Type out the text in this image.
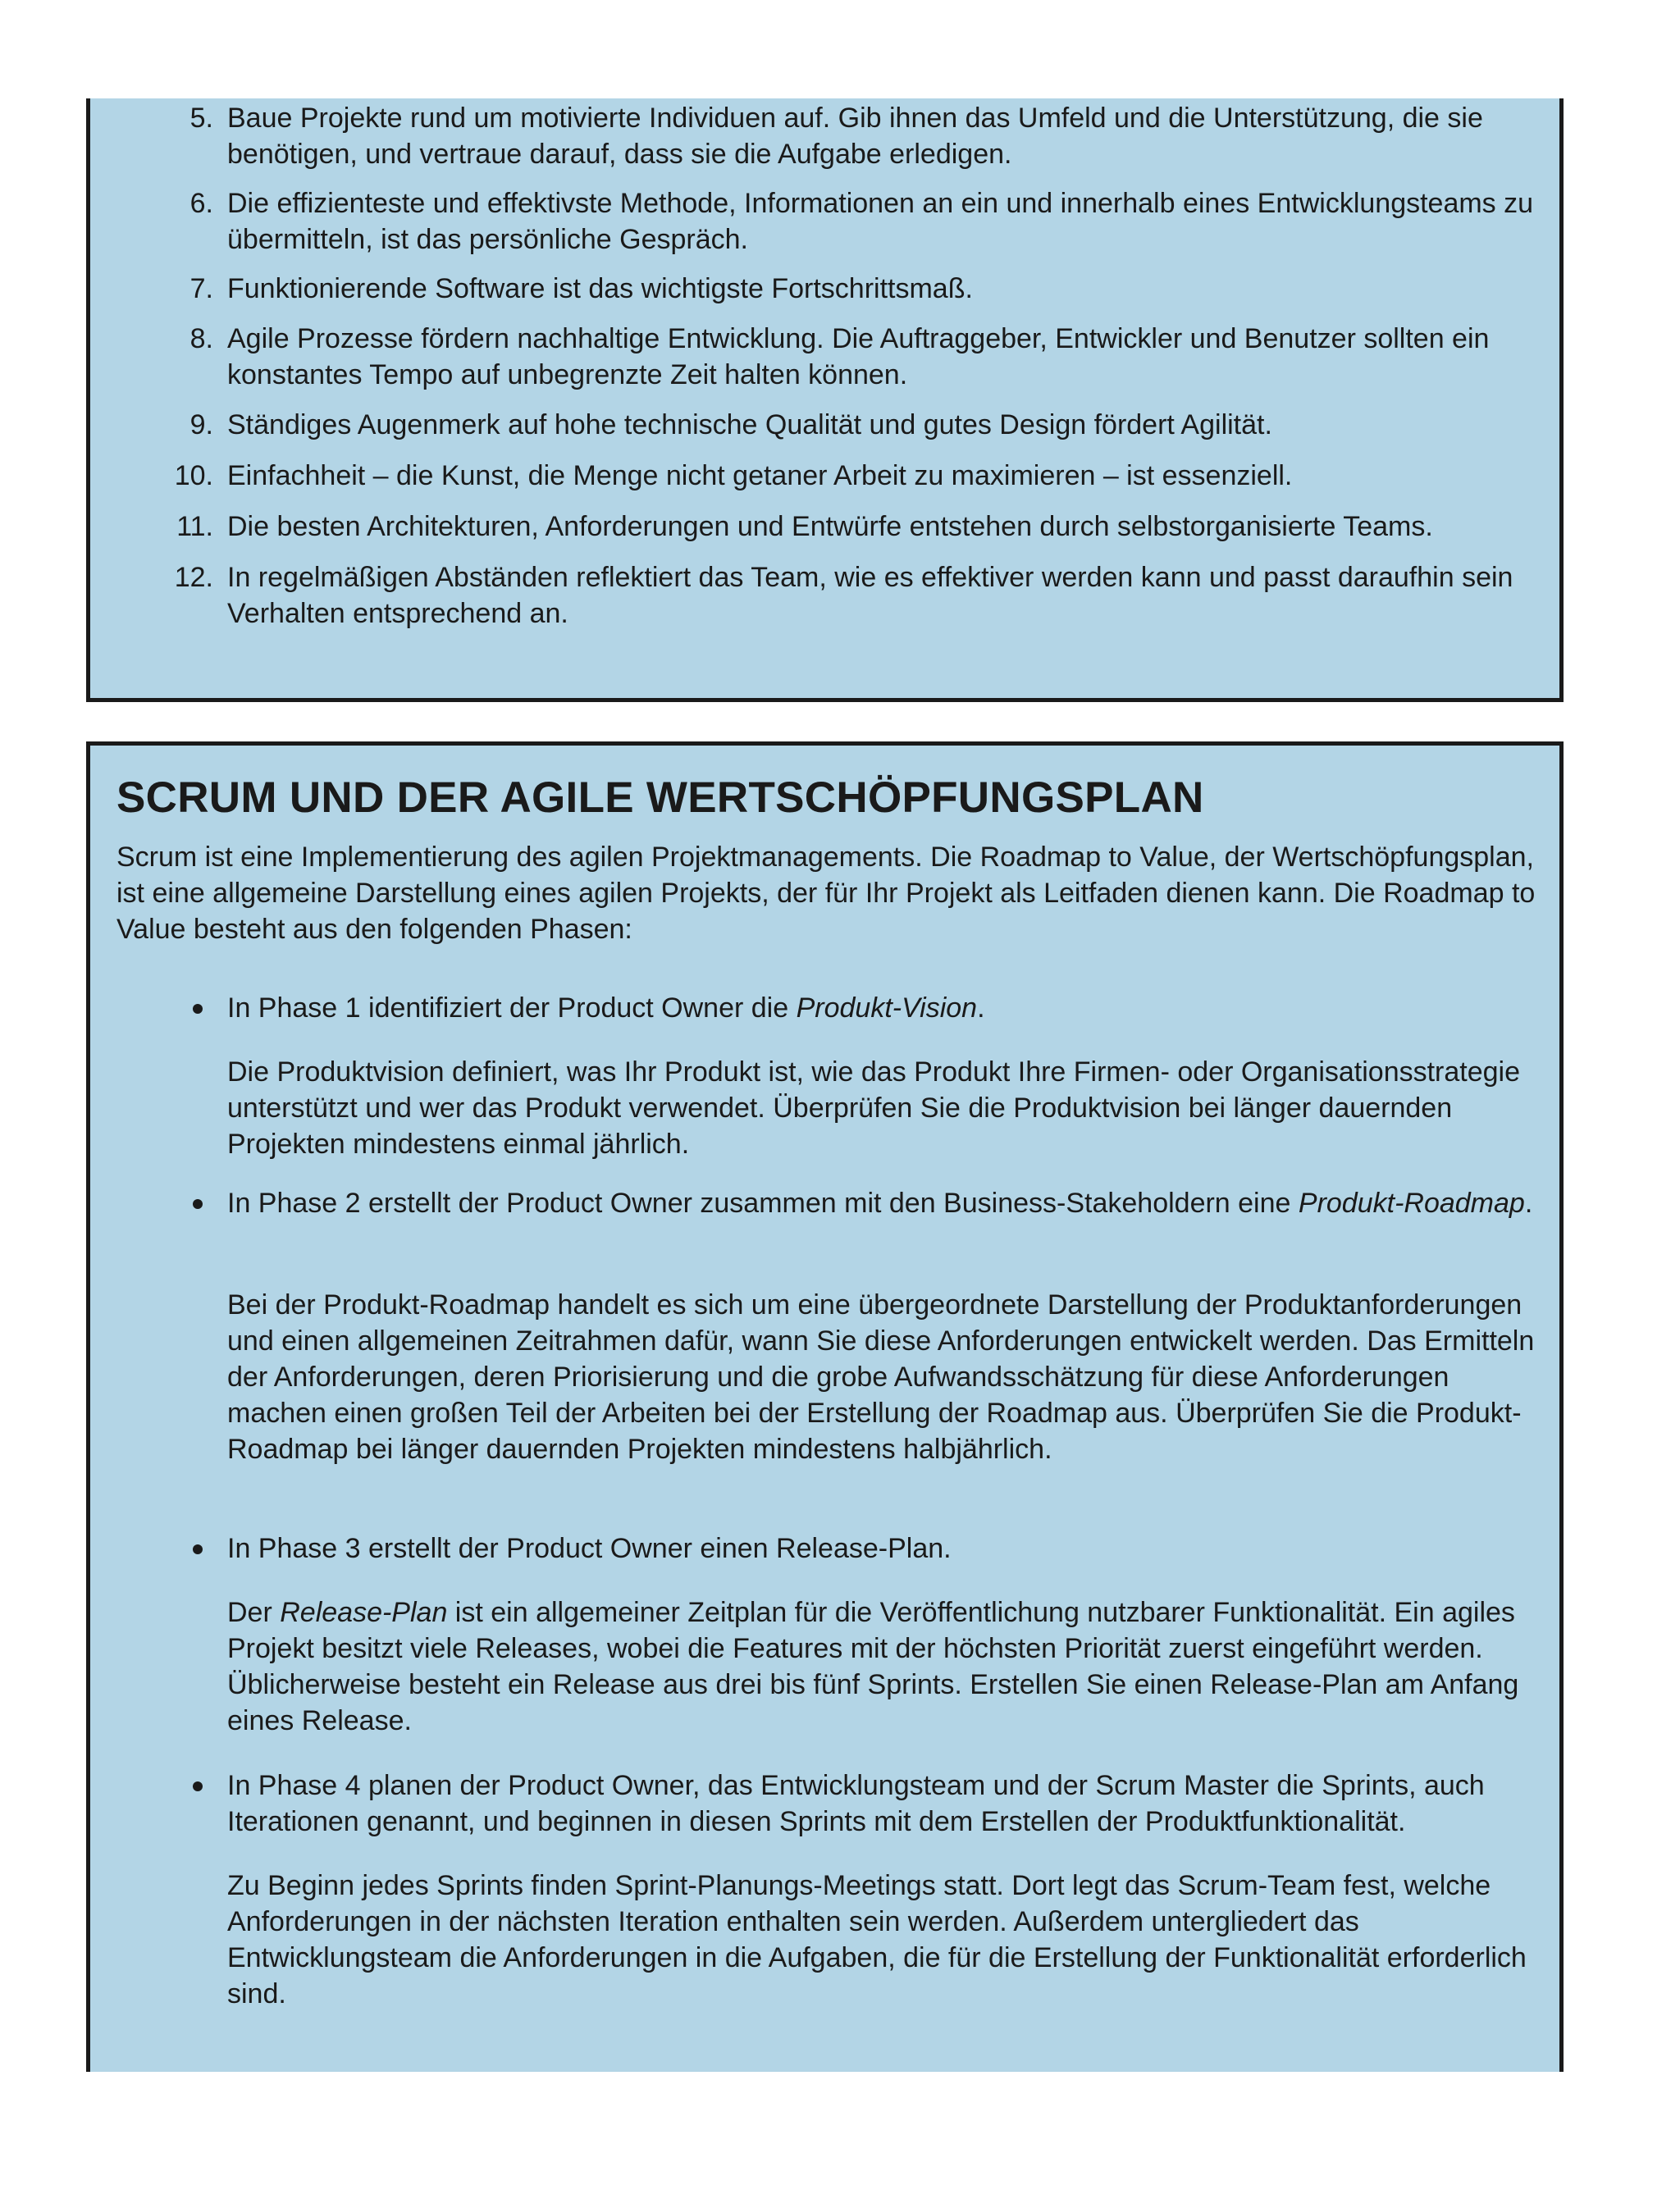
5. Baue Projekte rund um motivierte Individuen auf. Gib ihnen das Umfeld und die Unterstützung, die sie benötigen, und vertraue darauf, dass sie die Aufgabe erledigen.
6. Die effizienteste und effektivste Methode, Informationen an ein und innerhalb eines Entwicklungsteams zu übermitteln, ist das persönliche Gespräch.
7. Funktionierende Software ist das wichtigste Fortschrittsmaß.
8. Agile Prozesse fördern nachhaltige Entwicklung. Die Auftraggeber, Entwickler und Benutzer sollten ein konstantes Tempo auf unbegrenzte Zeit halten können.
9. Ständiges Augenmerk auf hohe technische Qualität und gutes Design fördert Agilität.
10. Einfachheit – die Kunst, die Menge nicht getaner Arbeit zu maximieren – ist essenziell.
11. Die besten Architekturen, Anforderungen und Entwürfe entstehen durch selbstorganisierte Teams.
12. In regelmäßigen Abständen reflektiert das Team, wie es effektiver werden kann und passt daraufhin sein Verhalten entsprechend an.
SCRUM UND DER AGILE WERTSCHÖPFUNGSPLAN

Scrum ist eine Implementierung des agilen Projektmanagements. Die Roadmap to Value, der Wertschöpfungsplan, ist eine allgemeine Darstellung eines agilen Projekts, der für Ihr Projekt als Leitfaden dienen kann. Die Roadmap to Value besteht aus den folgenden Phasen:

In Phase 1 identifiziert der Product Owner die Produkt-Vision.

Die Produktvision definiert, was Ihr Produkt ist, wie das Produkt Ihre Firmen- oder Organisationsstrategie unterstützt und wer das Produkt verwendet. Überprüfen Sie die Produktvision bei länger dauernden Projekten mindestens einmal jährlich.

In Phase 2 erstellt der Product Owner zusammen mit den Business-Stakeholdern eine Produkt-Roadmap.

Bei der Produkt-Roadmap handelt es sich um eine übergeordnete Darstellung der Produktanforderungen und einen allgemeinen Zeitrahmen dafür, wann Sie diese Anforderungen entwickelt werden. Das Ermitteln der Anforderungen, deren Priorisierung und die grobe Aufwandsschätzung für diese Anforderungen machen einen großen Teil der Arbeiten bei der Erstellung der Roadmap aus. Überprüfen Sie die Produkt-Roadmap bei länger dauernden Projekten mindestens halbjährlich.

In Phase 3 erstellt der Product Owner einen Release-Plan.

Der Release-Plan ist ein allgemeiner Zeitplan für die Veröffentlichung nutzbarer Funktionalität. Ein agiles Projekt besitzt viele Releases, wobei die Features mit der höchsten Priorität zuerst eingeführt werden. Üblicherweise besteht ein Release aus drei bis fünf Sprints. Erstellen Sie einen Release-Plan am Anfang eines Release.

In Phase 4 planen der Product Owner, das Entwicklungsteam und der Scrum Master die Sprints, auch Iterationen genannt, und beginnen in diesen Sprints mit dem Erstellen der Produktfunktionalität.

Zu Beginn jedes Sprints finden Sprint-Planungs-Meetings statt. Dort legt das Scrum-Team fest, welche Anforderungen in der nächsten Iteration enthalten sein werden. Außerdem untergliedert das Entwicklungsteam die Anforderungen in die Aufgaben, die für die Erstellung der Funktionalität erforderlich sind.
